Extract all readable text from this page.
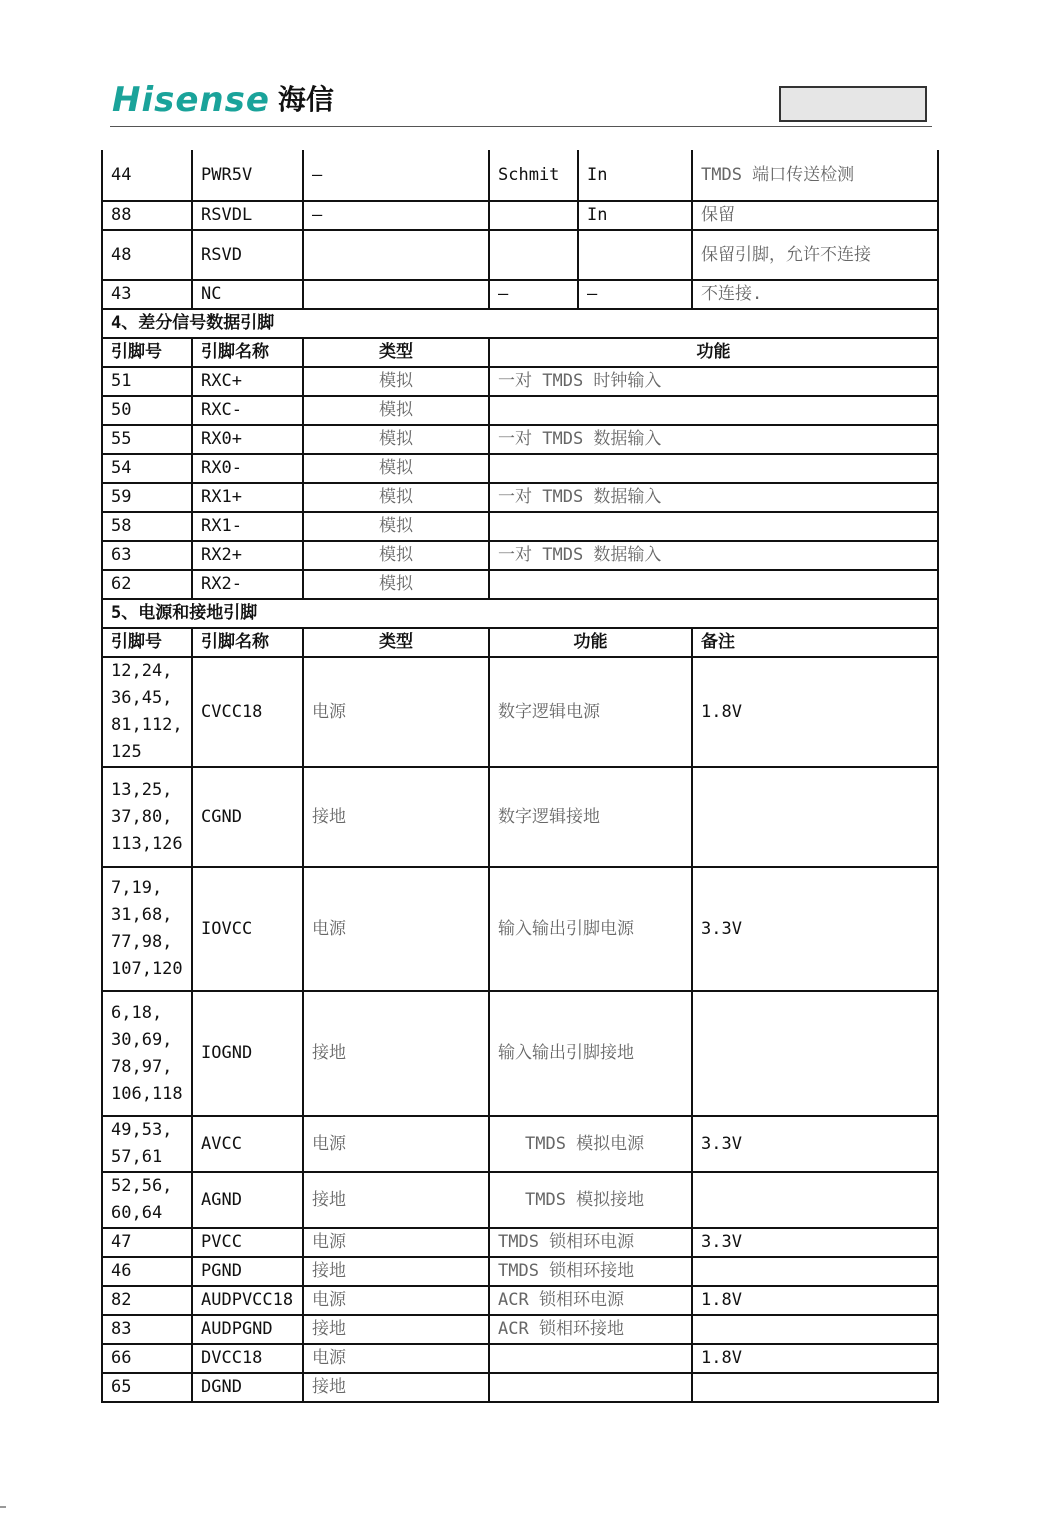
Hisense 海信
44	PWR5V	—	Schmit	In	TMDS 端口传送检测
88	RSVDL	—		In	保留
48	RSVD				保留引脚，允许不连接
43	NC		—	—	不连接.
4、差分信号数据引脚					
引脚号	引脚名称	类型	功能		
51	RXC+	模拟	一对 TMDS 时钟输入		
50	RXC-	模拟			
55	RX0+	模拟	一对 TMDS 数据输入		
54	RX0-	模拟			
59	RX1+	模拟	一对 TMDS 数据输入		
58	RX1-	模拟			
63	RX2+	模拟	一对 TMDS 数据输入		
62	RX2-	模拟			
5、电源和接地引脚					
引脚号	引脚名称	类型	功能		备注
12,24, 36,45, 81,112, 125	CVCC18	电源	数字逻辑电源		1.8V
13,25, 37,80, 113,126	CGND	接地	数字逻辑接地		
7,19, 31,68, 77,98, 107,120	IOVCC	电源	输入输出引脚电源		3.3V
6,18, 30,69, 78,97, 106,118	IOGND	接地	输入输出引脚接地		
49,53, 57,61	AVCC	电源	TMDS 模拟电源		3.3V
52,56, 60,64	AGND	接地	TMDS 模拟接地		
47	PVCC	电源	TMDS 锁相环电源		3.3V
46	PGND	接地	TMDS 锁相环接地		
82	AUDPVCC18	电源	ACR 锁相环电源		1.8V
83	AUDPGND	接地	ACR 锁相环接地		
66	DVCC18	电源			1.8V
65	DGND	接地			
